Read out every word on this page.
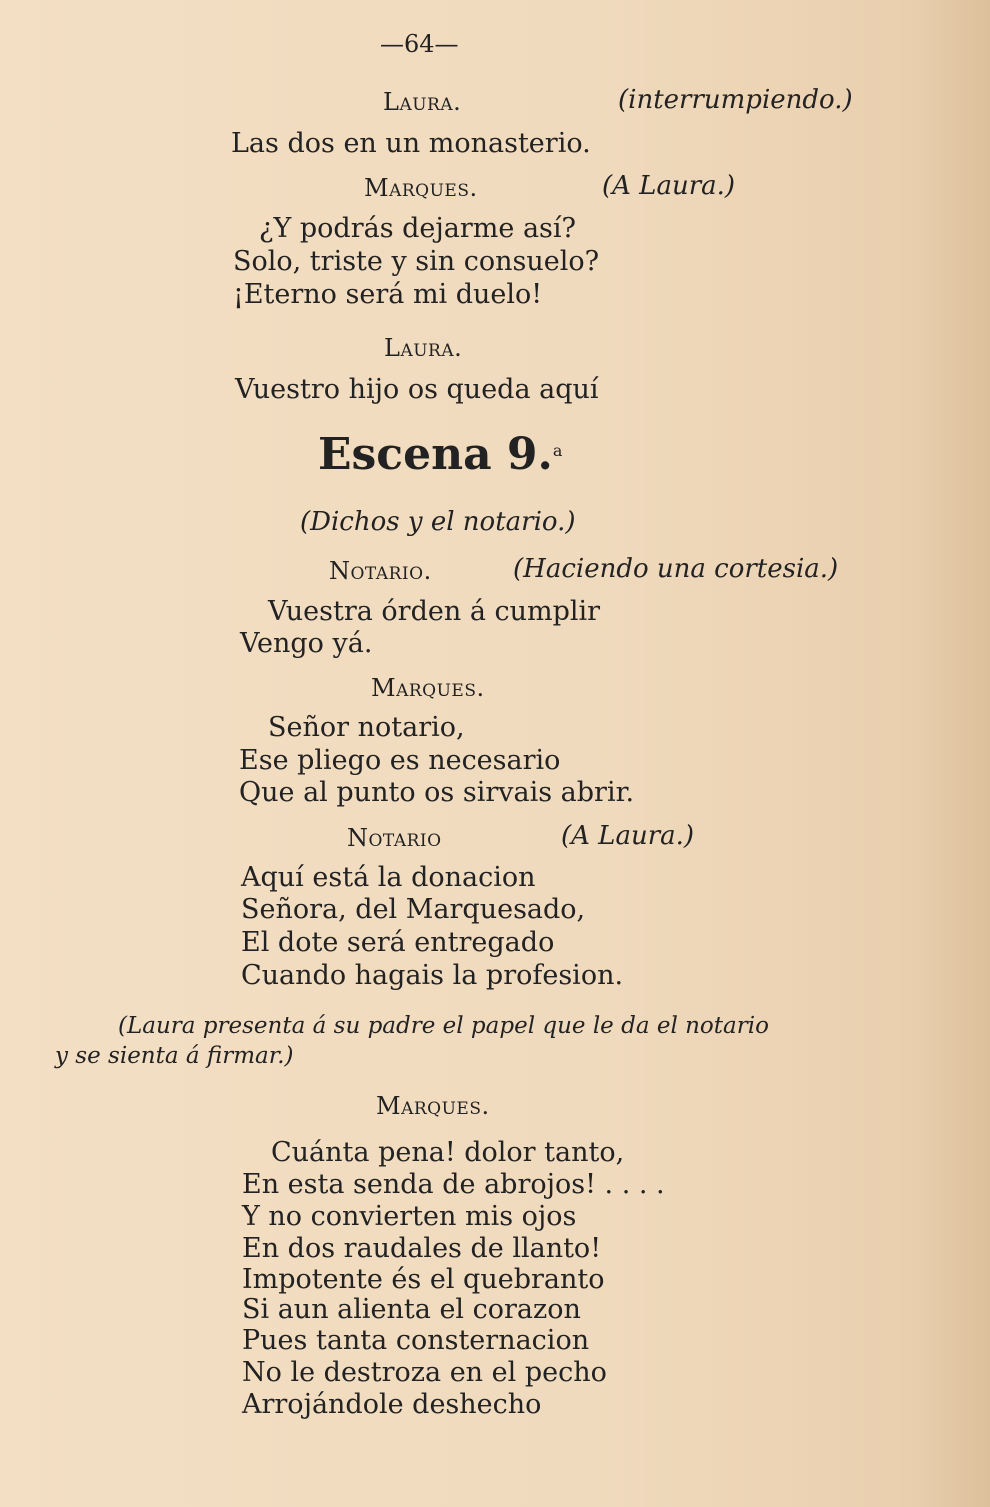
—64—
Laura.	(interrumpiendo.)
Las dos en un monasterio.
Marques.	(A Laura.)
¿Y podrás dejarme así?
Solo, triste y sin consuelo?
¡Eterno será mi duelo!
Laura.
Vuestro hijo os queda aquí
Escena 9.$^a$
(Dichos y el notario.)
Notario.	(Haciendo una cortesia.)
Vuestra órden á cumplir
Vengo yá.
Marques.
Señor notario,
Ese pliego es necesario
Que al punto os sirvais abrir.
Notario	(A Laura.)
Aquí está la donacion
Señora, del Marquesado,
El dote será entregado
Cuando hagais la profesion.
(Laura presenta á su padre el papel que le da el notario
y se sienta á firmar.)
Marques.
Cuánta pena! dolor tanto,
En esta senda de abrojos! . . . .
Y no convierten mis ojos
En dos raudales de llanto!
Impotente és el quebranto
Si aun alienta el corazon
Pues tanta consternacion
No le destroza en el pecho
Arrojándole deshecho
